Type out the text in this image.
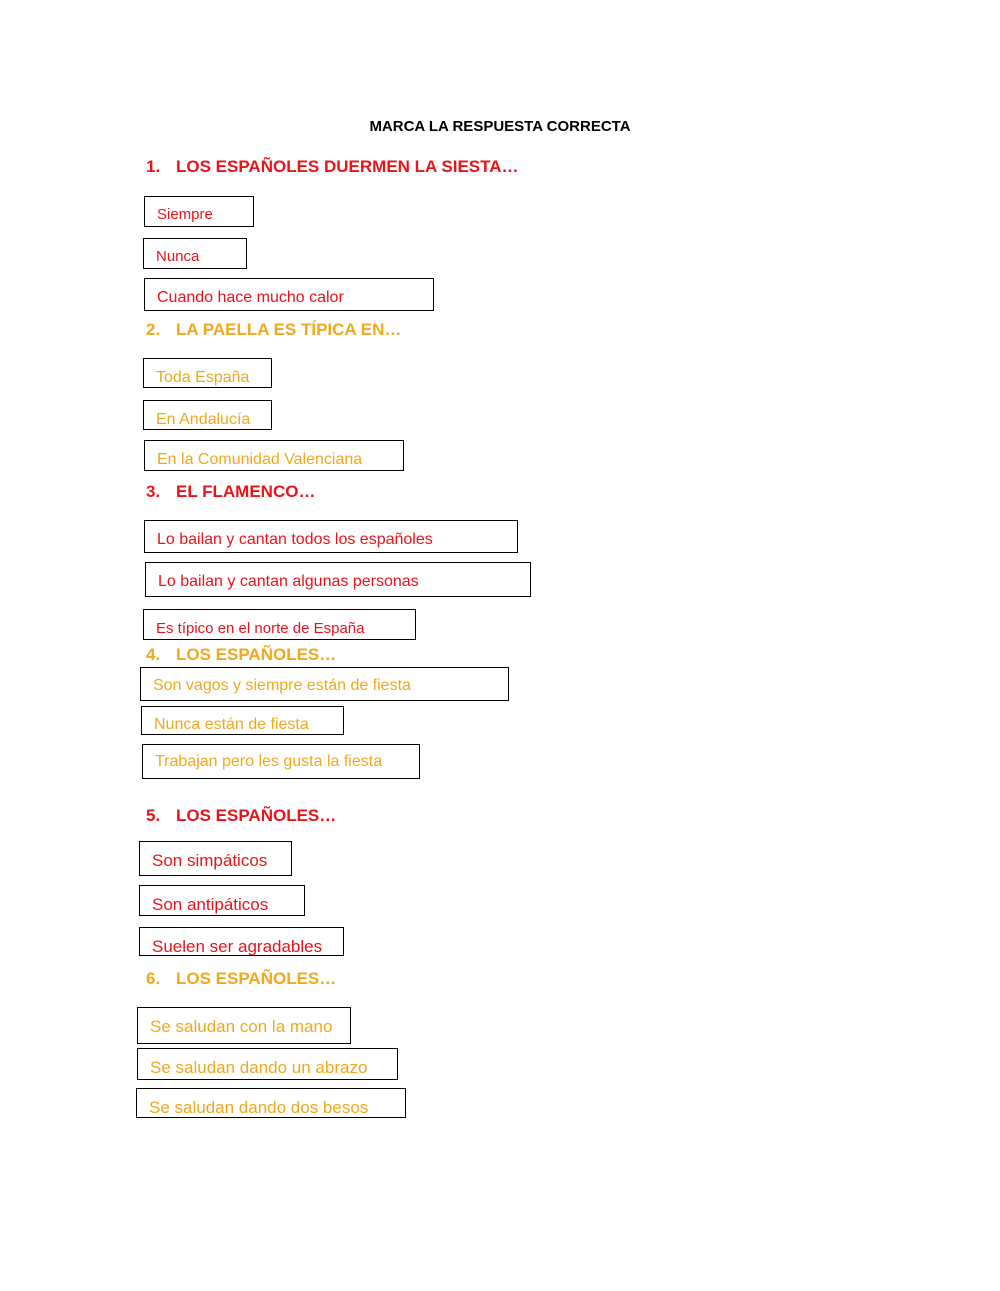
MARCA LA RESPUESTA CORRECTA
1. LOS ESPAÑOLES DUERMEN LA SIESTA…
Siempre
Nunca
Cuando hace mucho calor
2. LA PAELLA ES TÍPICA EN…
Toda España
En Andalucía
En la Comunidad Valenciana
3. EL FLAMENCO…
Lo bailan y cantan todos los españoles
Lo bailan y cantan algunas personas
Es típico en el norte de España
4. LOS ESPAÑOLES…
Son vagos y siempre están de fiesta
Nunca están de fiesta
Trabajan pero les gusta la fiesta
5. LOS ESPAÑOLES…
Son simpáticos
Son antipáticos
Suelen ser agradables
6. LOS ESPAÑOLES…
Se saludan con la mano
Se saludan dando un abrazo
Se saludan dando dos besos
